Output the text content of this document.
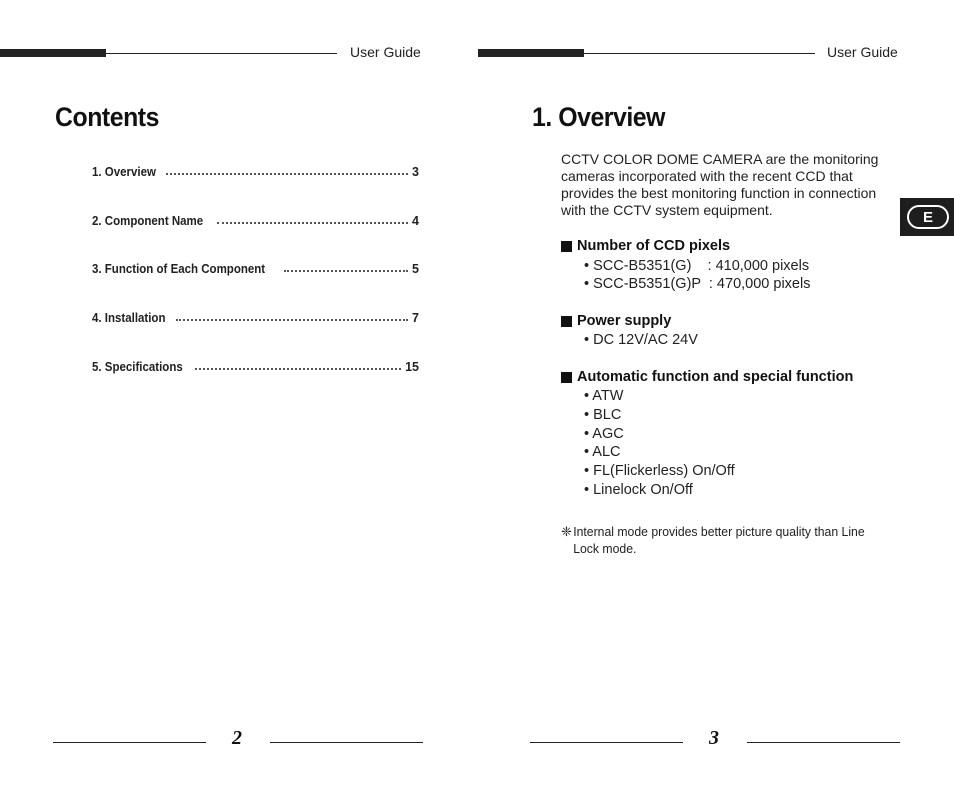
User Guide	User Guide
Contents
1. Overview	3
2. Component Name	4
3. Function of Each Component	5
4. Installation	7
5. Specifications	15
1. Overview
CCTV COLOR DOME CAMERA are the monitoring
cameras incorporated with the recent CCD that
provides the best monitoring function in connection
with the CCTV system equipment.
Number of CCD pixels
• SCC-B5351(G)    : 410,000 pixels
• SCC-B5351(G)P  : 470,000 pixels
Power supply
• DC 12V/AC 24V
Automatic function and special function
• ATW
• BLC
• AGC
• ALC
• FL(Flickerless) On/Off
• Linelock On/Off
❈ Internal mode provides better picture quality than Line
Lock mode.
E
2	3
